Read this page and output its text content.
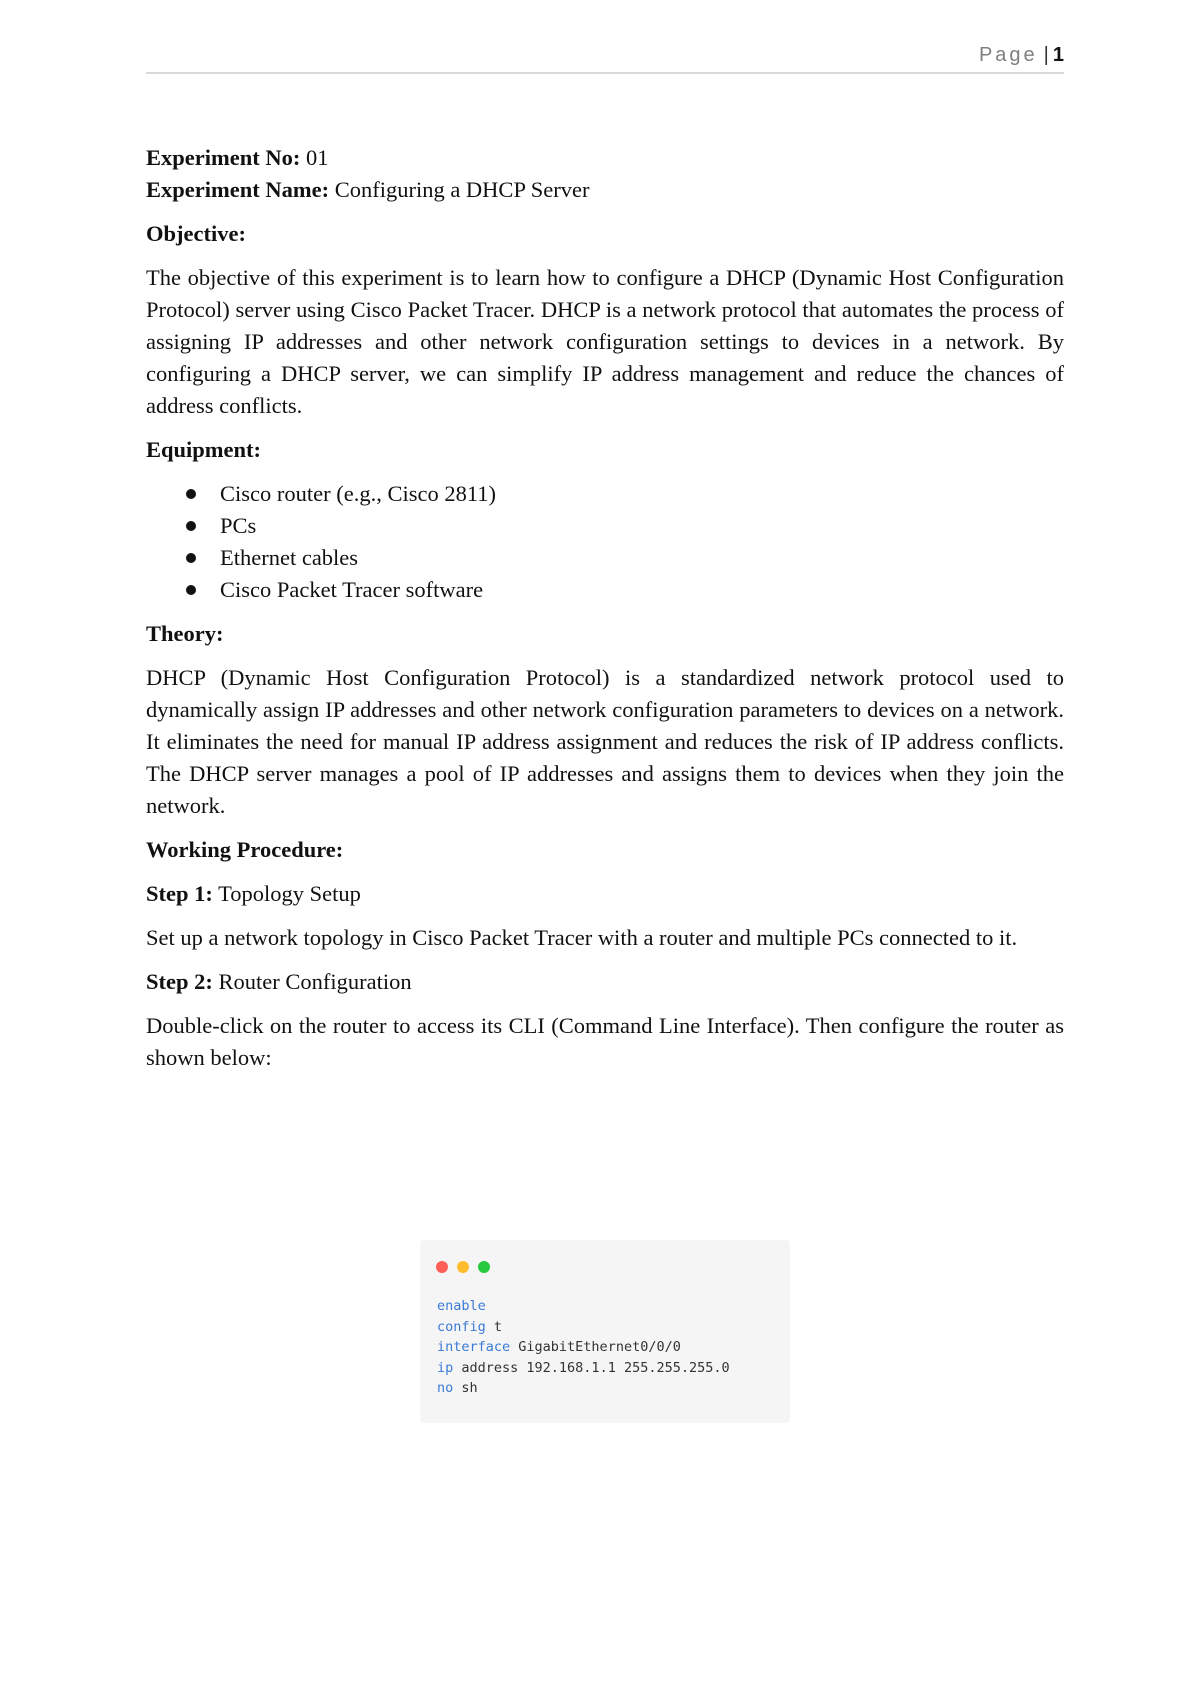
Page | 1

Experiment No: 01

Experiment Name: Configuring a DHCP Server

Objective:

The objective of this experiment is to learn how to configure a DHCP (Dynamic Host Configuration Protocol) server using Cisco Packet Tracer. DHCP is a network protocol that automates the process of assigning IP addresses and other network configuration settings to devices in a network. By configuring a DHCP server, we can simplify IP address management and reduce the chances of address conflicts.

Equipment:

Cisco router (e.g., Cisco 2811)
PCs
Ethernet cables
Cisco Packet Tracer software

Theory:

DHCP (Dynamic Host Configuration Protocol) is a standardized network protocol used to dynamically assign IP addresses and other network configuration parameters to devices on a network. It eliminates the need for manual IP address assignment and reduces the risk of IP address conflicts. The DHCP server manages a pool of IP addresses and assigns them to devices when they join the network.

Working Procedure:

Step 1: Topology Setup

Set up a network topology in Cisco Packet Tracer with a router and multiple PCs connected to it.

Step 2: Router Configuration

Double-click on the router to access its CLI (Command Line Interface). Then configure the router as shown below:

enable
config t
interface GigabitEthernet0/0/0
ip address 192.168.1.1 255.255.255.0
no sh
